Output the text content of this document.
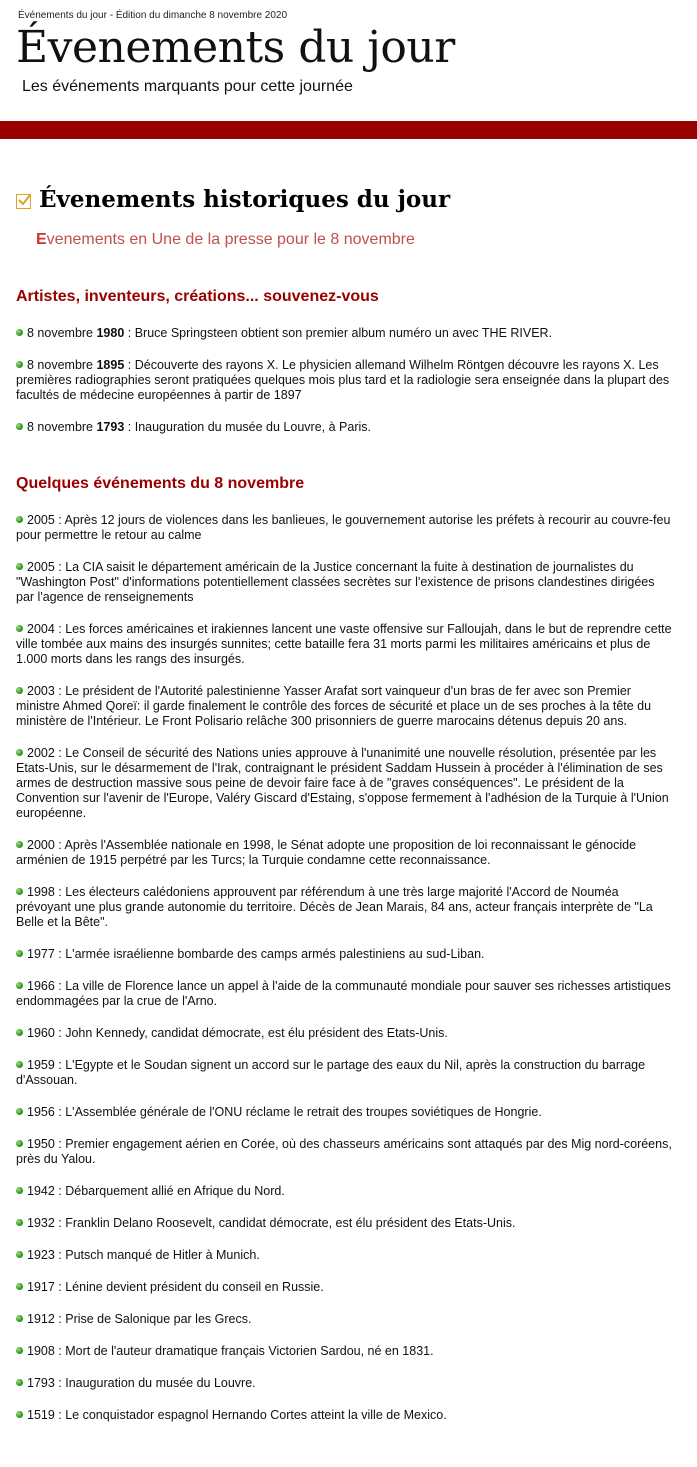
Événements du jour - Édition du dimanche 8 novembre 2020
Évenements du jour
Les événements marquants pour cette journée
Évenements historiques du jour
Evenements en Une de la presse pour le 8 novembre
Artistes, inventeurs, créations... souvenez-vous

8 novembre 1980 : Bruce Springsteen obtient son premier album numéro un avec THE RIVER.

8 novembre 1895 : Découverte des rayons X. Le physicien allemand Wilhelm Röntgen découvre les rayons X. Les premières radiographies seront pratiquées quelques mois plus tard et la radiologie sera enseignée dans la plupart des facultés de médecine européennes à partir de 1897

8 novembre 1793 : Inauguration du musée du Louvre, à Paris.

Quelques événements du 8 novembre

2005 : Après 12 jours de violences dans les banlieues, le gouvernement autorise les préfets à recourir au couvre-feu pour permettre le retour au calme

2005 : La CIA saisit le département américain de la Justice concernant la fuite à destination de journalistes du "Washington Post" d'informations potentiellement classées secrètes sur l'existence de prisons clandestines dirigées par l'agence de renseignements

2004 : Les forces américaines et irakiennes lancent une vaste offensive sur Falloujah, dans le but de reprendre cette ville tombée aux mains des insurgés sunnites; cette bataille fera 31 morts parmi les militaires américains et plus de 1.000 morts dans les rangs des insurgés.

2003 : Le président de l'Autorité palestinienne Yasser Arafat sort vainqueur d'un bras de fer avec son Premier ministre Ahmed Qoreï: il garde finalement le contrôle des forces de sécurité et place un de ses proches à la tête du ministère de l'Intérieur. Le Front Polisario relâche 300 prisonniers de guerre marocains détenus depuis 20 ans.

2002 : Le Conseil de sécurité des Nations unies approuve à l'unanimité une nouvelle résolution, présentée par les Etats-Unis, sur le désarmement de l'Irak, contraignant le président Saddam Hussein à procéder à l'élimination de ses armes de destruction massive sous peine de devoir faire face à de "graves conséquences". Le président de la Convention sur l'avenir de l'Europe, Valéry Giscard d'Estaing, s'oppose fermement à l'adhésion de la Turquie à l'Union européenne.

2000 : Après l'Assemblée nationale en 1998, le Sénat adopte une proposition de loi reconnaissant le génocide arménien de 1915 perpétré par les Turcs; la Turquie condamne cette reconnaissance.

1998 : Les électeurs calédoniens approuvent par référendum à une très large majorité l'Accord de Nouméa prévoyant une plus grande autonomie du territoire. Décès de Jean Marais, 84 ans, acteur français interprète de "La Belle et la Bête".

1977 : L'armée israélienne bombarde des camps armés palestiniens au sud-Liban.

1966 : La ville de Florence lance un appel à l'aide de la communauté mondiale pour sauver ses richesses artistiques endommagées par la crue de l'Arno.

1960 : John Kennedy, candidat démocrate, est élu président des Etats-Unis.

1959 : L'Egypte et le Soudan signent un accord sur le partage des eaux du Nil, après la construction du barrage d'Assouan.

1956 : L'Assemblée générale de l'ONU réclame le retrait des troupes soviétiques de Hongrie.

1950 : Premier engagement aérien en Corée, où des chasseurs américains sont attaqués par des Mig nord-coréens, près du Yalou.

1942 : Débarquement allié en Afrique du Nord.

1932 : Franklin Delano Roosevelt, candidat démocrate, est élu président des Etats-Unis.

1923 : Putsch manqué de Hitler à Munich.

1917 : Lénine devient président du conseil en Russie.

1912 : Prise de Salonique par les Grecs.

1908 : Mort de l'auteur dramatique français Victorien Sardou, né en 1831.

1793 : Inauguration du musée du Louvre.

1519 : Le conquistador espagnol Hernando Cortes atteint la ville de Mexico.
